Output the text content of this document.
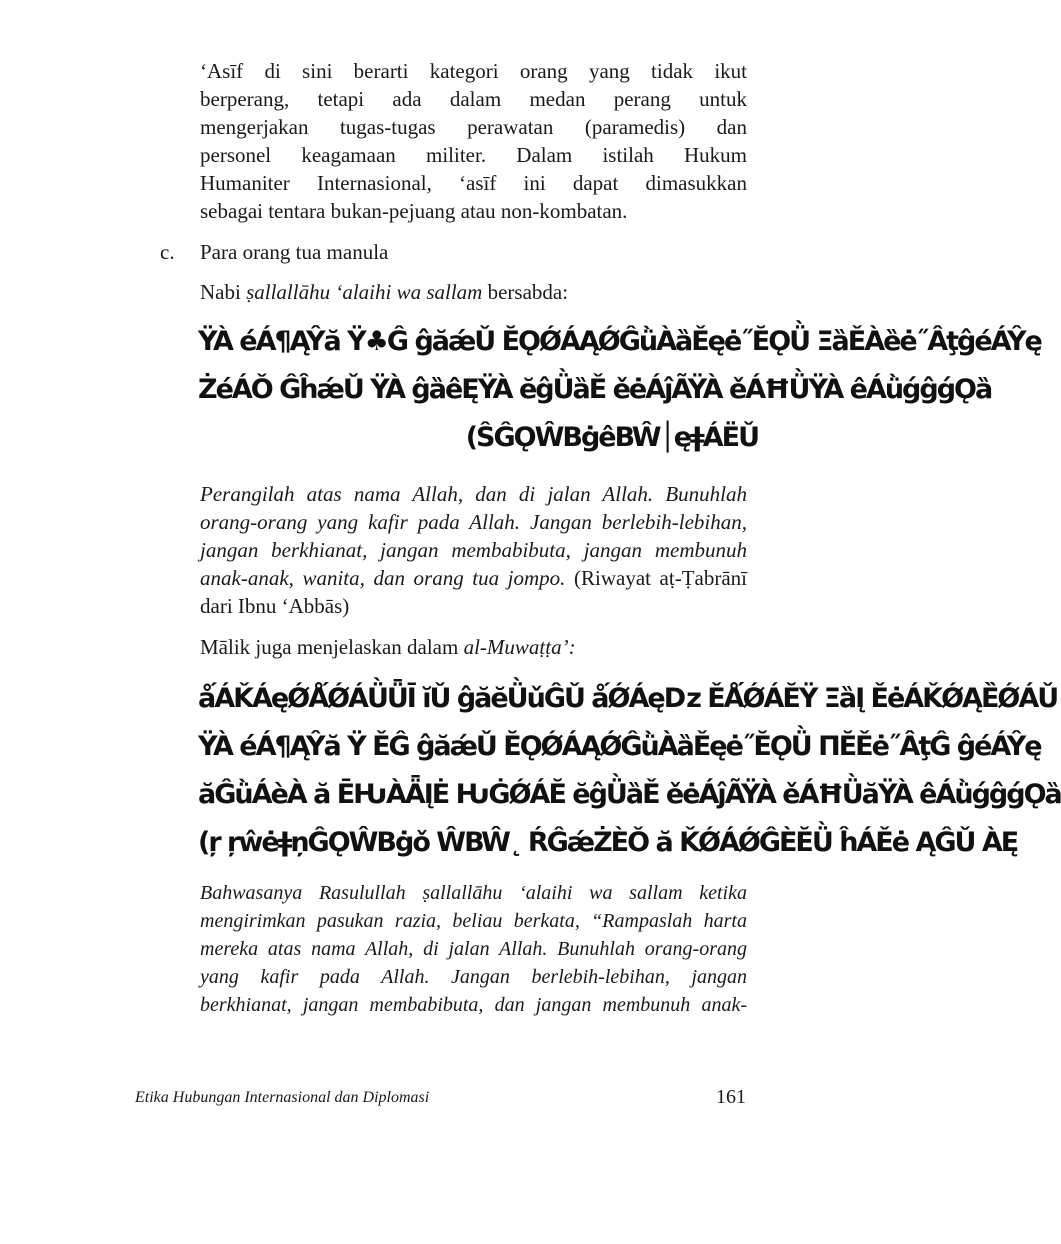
‘Asīf di sini berarti kategori orang yang tidak ikut
berperang, tetapi ada dalam medan perang untuk
mengerjakan tugas-tugas perawatan (paramedis) dan
personel keagamaan militer. Dalam istilah Hukum
Humaniter Internasional, ‘asīf ini dapat dimasukkan
sebagai tentara bukan-pejuang atau non-kombatan.
c. Para orang tua manula
Nabi ṣallallāhu ‘alaihi wa sallam bersabda:
ŸÀ éÁ¶ĄŶă Ÿ♣Ĝ ĝăǽǓ ĔǪǾÁĄǾĜǜÀȁĚęė˝ĔǪǛ ΞȁĚÀȅė˝ÂţĝéÁŶę
ŻéÁǑ ĜĥǽǓ ŸÀ ĝȁêĘŸÀ ĕĝǛȁĚ ěėÁĵÃŸÀ ěÁĦǛŸÀ êÁǜǵĝǵǪȁ
(ŜĜǪŴBġêBŴ│ęǂÁËǓ
Perangilah atas nama Allah, dan di jalan Allah. Bunuhlah
orang-orang yang kafir pada Allah. Jangan berlebih-lebihan,
jangan berkhianat, jangan membabibuta, jangan membunuh
anak-anak, wanita, dan orang tua jompo. (Riwayat aṭ-Ṭabrānī
dari Ibnu ‘Abbās)
Mālik juga menjelaskan dalam al-Muwaṭṭa’:
ǻÁǨÁęǾǺǾÁǛǕĪ ĭǓ ĝăĕǛǔĜǓ ǻǾÁęǲ ĚǺǾÁĔŸ ΞȁĮ ĚėÁǨǾĄȄǾÁǓ
ŸÀ éÁ¶ĄŶă Ÿ ĚĜ ĝăǽǓ ĔǪǾÁĄǾĜǜÀȁĚęė˝ĔǪǛ ΠĔĚė˝ÂţĜ ĝéÁŶę
ăĜǜÁèÀ ă ĒǶÀǞĮĖ ǶĠǾÁĔ ĕĝǛȁĚ ěėÁĵÃŸÀ ěÁĦǛăŸÀ êÁǜǵĝǵǪȁ
(ŗ ŗŵėǂņĜǪŴBġǒ ŴBŴ˛ ŔĜǽŻÈǑ ă ǨǾÁǾĜÈĔǛ ĥÁĚė ĄĜǓ ÀĘ
Bahwasanya Rasulullah ṣallallāhu ‘alaihi wa sallam ketika
mengirimkan pasukan razia, beliau berkata, “Rampaslah harta
mereka atas nama Allah, di jalan Allah. Bunuhlah orang-orang
yang kafir pada Allah. Jangan berlebih-lebihan, jangan
berkhianat, jangan membabibuta, dan jangan membunuh anak-
Etika Hubungan Internasional dan Diplomasi	161
